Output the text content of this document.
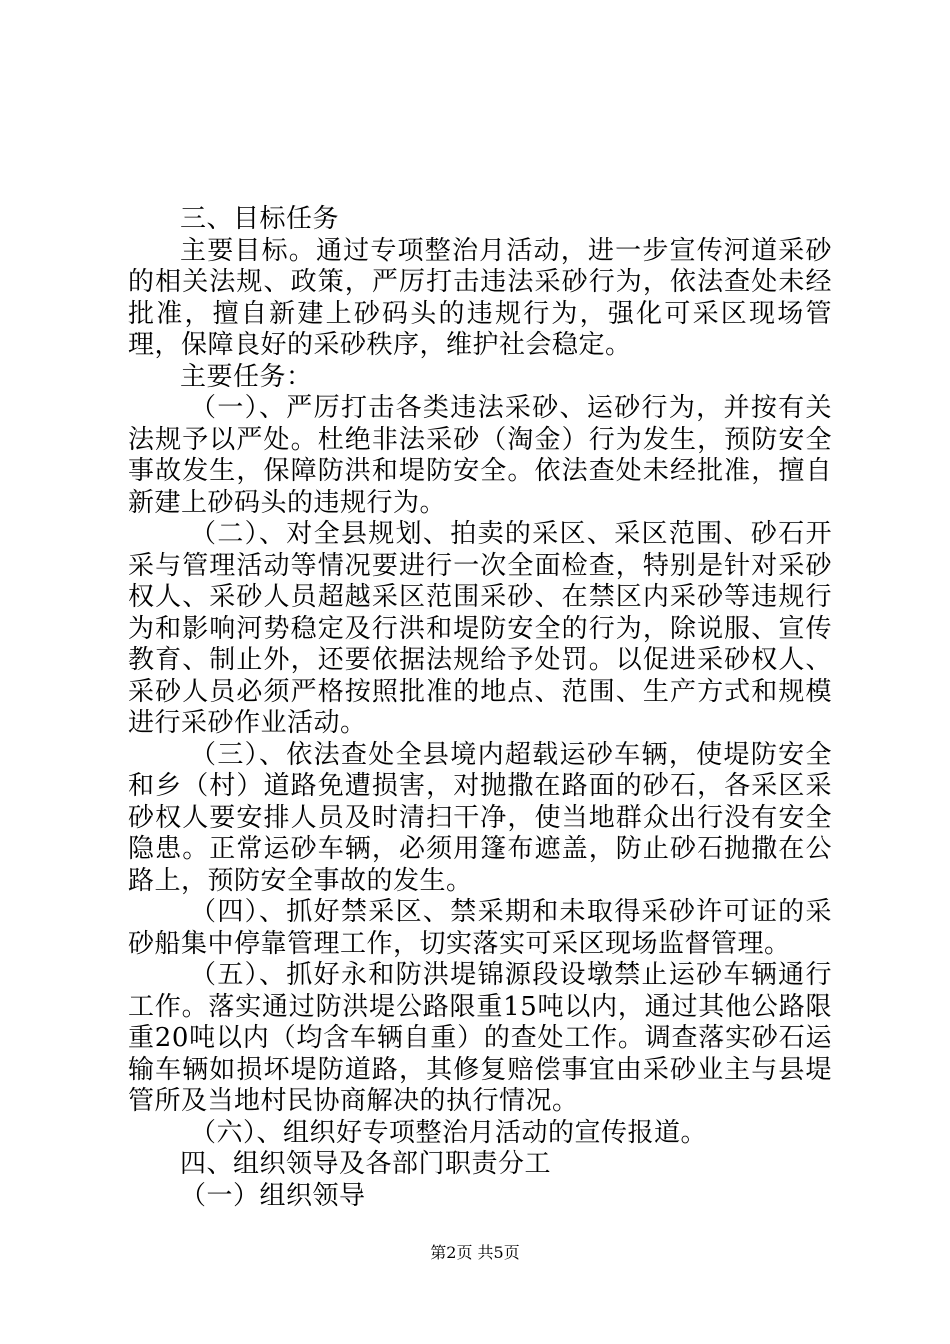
三、目标任务

主要目标。通过专项整治月活动，进一步宣传河道采砂的相关法规、政策，严厉打击违法采砂行为，依法查处未经批准，擅自新建上砂码头的违规行为，强化可采区现场管理，保障良好的采砂秩序，维护社会稳定。

主要任务：

（一）、严厉打击各类违法采砂、运砂行为，并按有关法规予以严处。杜绝非法采砂（淘金）行为发生，预防安全事故发生，保障防洪和堤防安全。依法查处未经批准，擅自新建上砂码头的违规行为。

（二）、对全县规划、拍卖的采区、采区范围、砂石开采与管理活动等情况要进行一次全面检查，特别是针对采砂权人、采砂人员超越采区范围采砂、在禁区内采砂等违规行为和影响河势稳定及行洪和堤防安全的行为，除说服、宣传教育、制止外，还要依据法规给予处罚。以促进采砂权人、采砂人员必须严格按照批准的地点、范围、生产方式和规模进行采砂作业活动。

（三）、依法查处全县境内超载运砂车辆，使堤防安全和乡（村）道路免遭损害，对抛撒在路面的砂石，各采区采砂权人要安排人员及时清扫干净，使当地群众出行没有安全隐患。正常运砂车辆，必须用篷布遮盖，防止砂石抛撒在公路上，预防安全事故的发生。

（四）、抓好禁采区、禁采期和未取得采砂许可证的采砂船集中停靠管理工作，切实落实可采区现场监督管理。

（五）、抓好永和防洪堤锦源段设墩禁止运砂车辆通行工作。落实通过防洪堤公路限重15吨以内，通过其他公路限重20吨以内（均含车辆自重）的查处工作。调查落实砂石运输车辆如损坏堤防道路，其修复赔偿事宜由采砂业主与县堤管所及当地村民协商解决的执行情况。

（六）、组织好专项整治月活动的宣传报道。

四、组织领导及各部门职责分工

（一）组织领导

第2页 共5页
